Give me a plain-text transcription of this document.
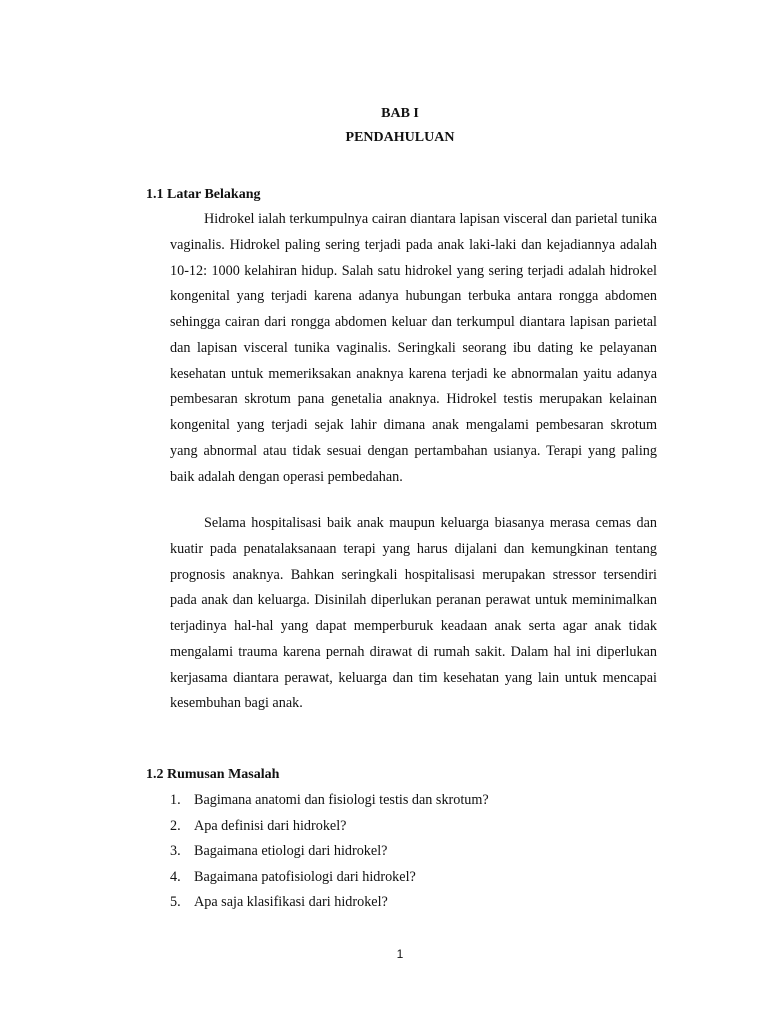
BAB I
PENDAHULUAN
1.1 Latar Belakang

Hidrokel ialah terkumpulnya cairan diantara lapisan visceral dan parietal tunika vaginalis. Hidrokel paling sering terjadi pada anak laki-laki dan kejadiannya adalah 10-12: 1000 kelahiran hidup. Salah satu hidrokel yang sering terjadi adalah hidrokel kongenital yang terjadi karena adanya hubungan terbuka antara rongga abdomen sehingga cairan dari rongga abdomen keluar dan terkumpul diantara lapisan parietal dan lapisan visceral tunika vaginalis. Seringkali seorang ibu dating ke pelayanan kesehatan untuk memeriksakan anaknya karena terjadi ke abnormalan yaitu adanya pembesaran skrotum pana genetalia anaknya. Hidrokel testis merupakan kelainan kongenital yang terjadi sejak lahir dimana anak mengalami pembesaran skrotum yang abnormal atau tidak sesuai dengan pertambahan usianya. Terapi yang paling baik adalah dengan operasi pembedahan.

Selama hospitalisasi baik anak maupun keluarga biasanya merasa cemas dan kuatir pada penatalaksanaan terapi yang harus dijalani dan kemungkinan tentang prognosis anaknya. Bahkan seringkali hospitalisasi merupakan stressor tersendiri pada anak dan keluarga. Disinilah diperlukan peranan perawat untuk meminimalkan terjadinya hal-hal yang dapat memperburuk keadaan anak serta agar anak tidak mengalami trauma karena pernah dirawat di rumah sakit. Dalam hal ini diperlukan kerjasama diantara perawat, keluarga dan tim kesehatan yang lain untuk mencapai kesembuhan bagi anak.

1.2 Rumusan Masalah
1. Bagimana anatomi dan fisiologi testis dan skrotum?
2. Apa definisi dari hidrokel?
3. Bagaimana etiologi dari hidrokel?
4. Bagaimana patofisiologi dari hidrokel?
5. Apa saja klasifikasi dari hidrokel?

1
